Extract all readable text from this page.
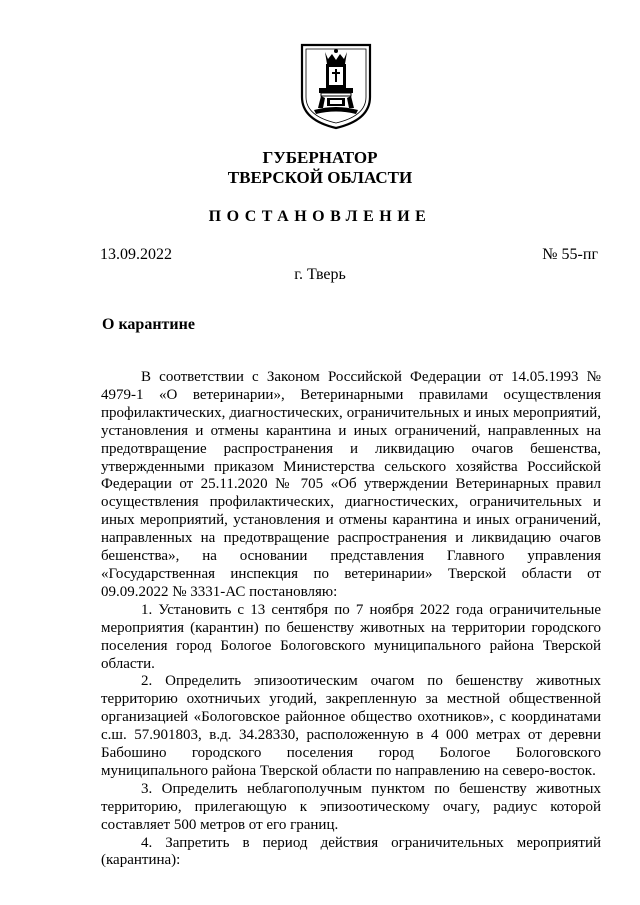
ГУБЕРНАТОР
ТВЕРСКОЙ ОБЛАСТИ
ПОСТАНОВЛЕНИЕ
13.09.2022	№ 55-пг
г. Тверь
О карантине

В соответствии с Законом Российской Федерации от 14.05.1993 № 4979-1 «О ветеринарии», Ветеринарными правилами осуществления профилактических, диагностических, ограничительных и иных мероприятий, установления и отмены карантина и иных ограничений, направленных на предотвращение распространения и ликвидацию очагов бешенства, утвержденными приказом Министерства сельского хозяйства Российской Федерации от 25.11.2020 № 705 «Об утверждении Ветеринарных правил осуществления профилактических, диагностических, ограничительных и иных мероприятий, установления и отмены карантина и иных ограничений, направленных на предотвращение распространения и ликвидацию очагов бешенства», на основании представления Главного управления «Государственная инспекция по ветеринарии» Тверской области от 09.09.2022 № 3331-АС постановляю:

1. Установить с 13 сентября по 7 ноября 2022 года ограничительные мероприятия (карантин) по бешенству животных на территории городского поселения город Бологое Бологовского муниципального района Тверской области.

2. Определить эпизоотическим очагом по бешенству животных территорию охотничьих угодий, закрепленную за местной общественной организацией «Бологовское районное общество охотников», с координатами с.ш. 57.901803, в.д. 34.28330, расположенную в 4 000 метрах от деревни Бабошино городского поселения город Бологое Бологовского муниципального района Тверской области по направлению на северо-восток.

3. Определить неблагополучным пунктом по бешенству животных территорию, прилегающую к эпизоотическому очагу, радиус которой составляет 500 метров от его границ.

4. Запретить в период действия ограничительных мероприятий (карантина):
